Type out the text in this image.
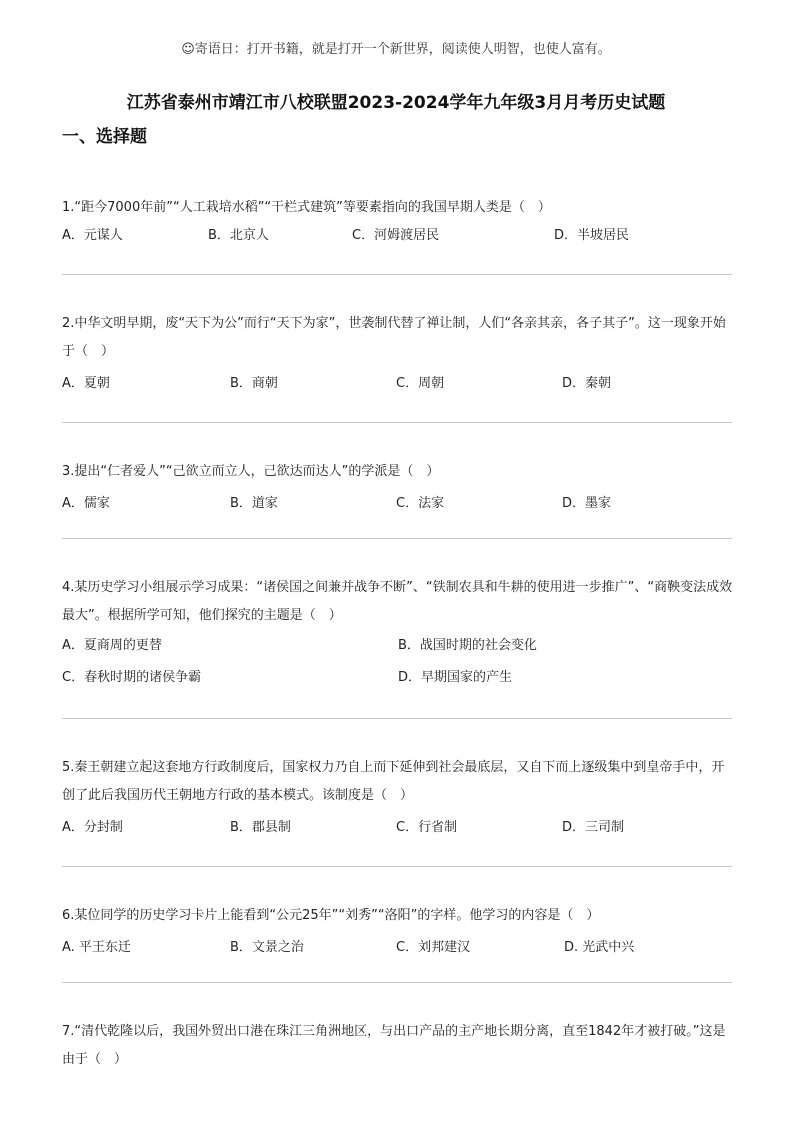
☺寄语日：打开书籍，就是打开一个新世界，阅读使人明智，也使人富有。
江苏省泰州市靖江市八校联盟2023-2024学年九年级3月月考历史试题
一、选择题

1.“距今7000年前”“人工栽培水稻”“干栏式建筑”等要素指向的我国早期人类是（　）

A．元谋人	B．北京人	C．河姆渡居民	D．半坡居民

2.中华文明早期，废“天下为公”而行“天下为家”，世袭制代替了禅让制，人们“各亲其亲，各子其子”。这一现象开始于（　）

A．夏朝	B．商朝	C．周朝	D．秦朝

3.提出“仁者爱人”“己欲立而立人，己欲达而达人”的学派是（　）

A．儒家	B．道家	C．法家	D．墨家

4.某历史学习小组展示学习成果：“诸侯国之间兼并战争不断”、“铁制农具和牛耕的使用进一步推广”、“商鞅变法成效最大”。根据所学可知，他们探究的主题是（　）

A．夏商周的更替	B．战国时期的社会变化
C．春秋时期的诸侯争霸	D．早期国家的产生

5.秦王朝建立起这套地方行政制度后，国家权力乃自上而下延伸到社会最底层，又自下而上逐级集中到皇帝手中，开创了此后我国历代王朝地方行政的基本模式。该制度是（　）

A．分封制	B．郡县制	C．行省制	D．三司制

6.某位同学的历史学习卡片上能看到“公元25年”“刘秀”“洛阳”的字样。他学习的内容是（　）

A. 平王东迁	B．文景之治	C．刘邦建汉	D. 光武中兴

7.“清代乾隆以后，我国外贸出口港在珠江三角洲地区，与出口产品的主产地长期分离，直至1842年才被打破。”这是由于（　）
